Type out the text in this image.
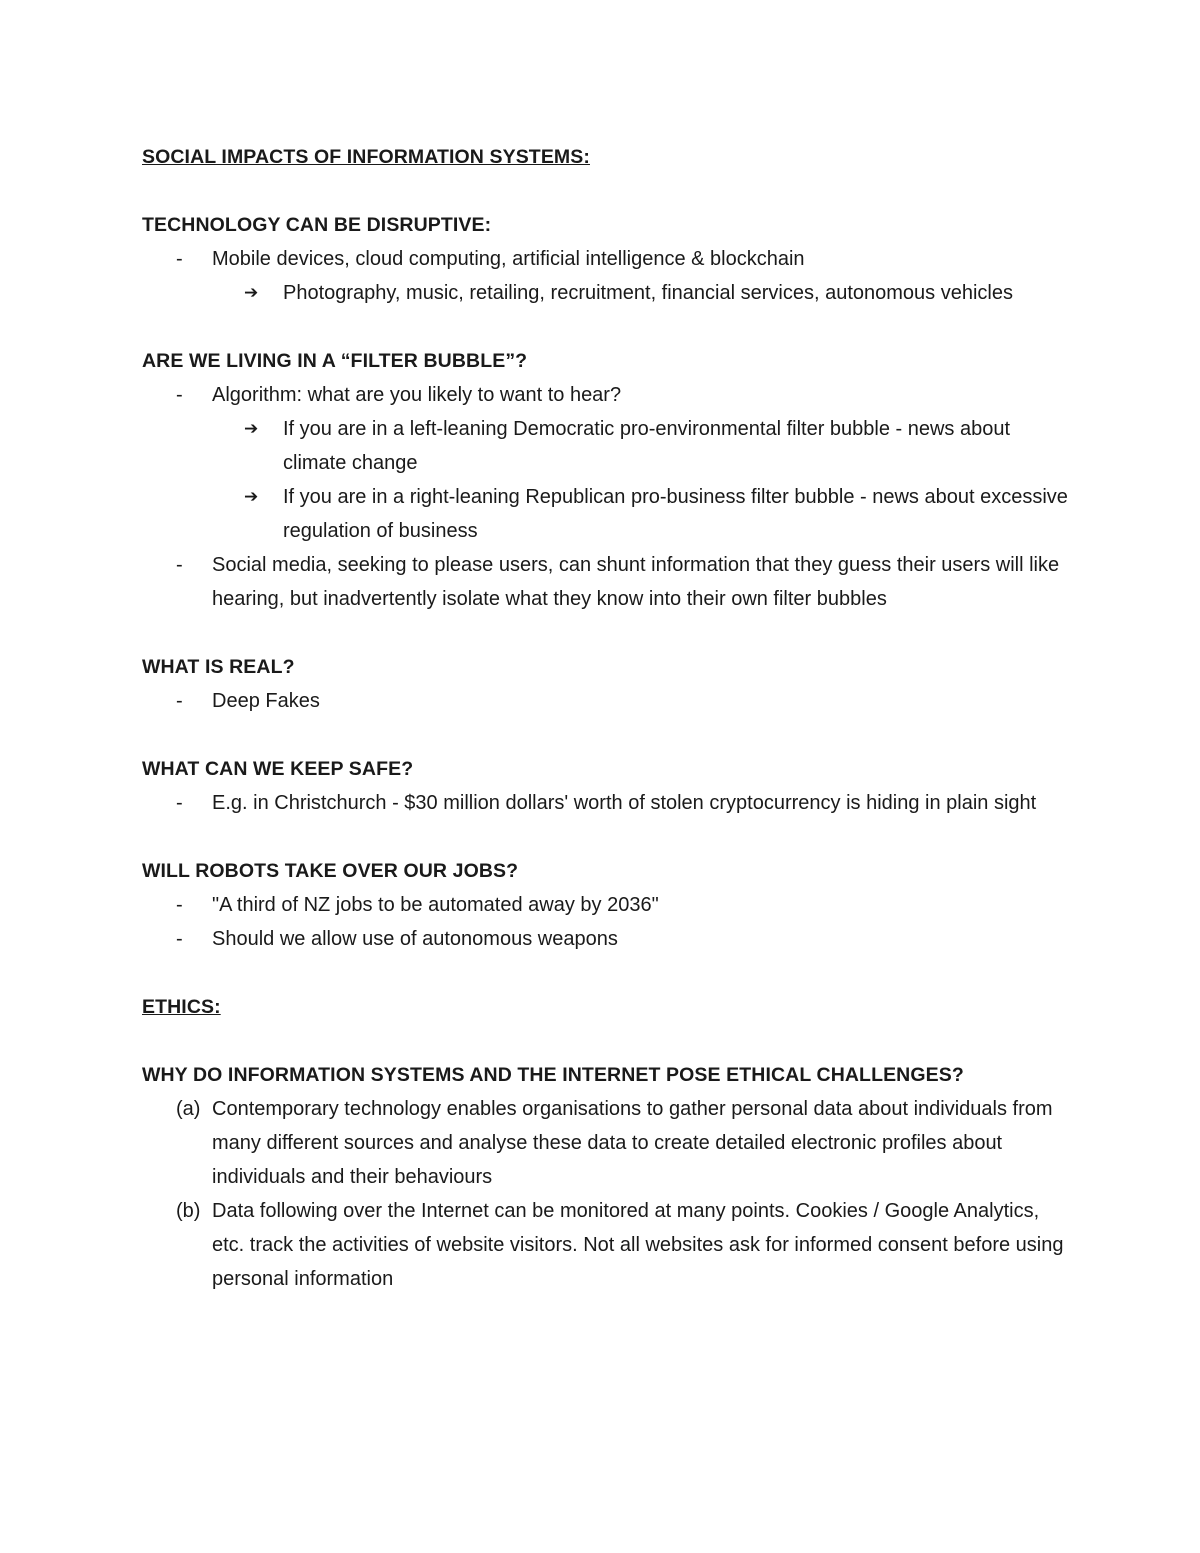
SOCIAL IMPACTS OF INFORMATION SYSTEMS:
TECHNOLOGY CAN BE DISRUPTIVE:
- Mobile devices, cloud computing, artificial intelligence & blockchain
➔ Photography, music, retailing, recruitment, financial services, autonomous vehicles
ARE WE LIVING IN A “FILTER BUBBLE”?
- Algorithm: what are you likely to want to hear?
➔ If you are in a left-leaning Democratic pro-environmental filter bubble - news about climate change
➔ If you are in a right-leaning Republican pro-business filter bubble - news about excessive regulation of business
- Social media, seeking to please users, can shunt information that they guess their users will like hearing, but inadvertently isolate what they know into their own filter bubbles
WHAT IS REAL?
- Deep Fakes
WHAT CAN WE KEEP SAFE?
- E.g. in Christchurch - $30 million dollars' worth of stolen cryptocurrency is hiding in plain sight
WILL ROBOTS TAKE OVER OUR JOBS?
- "A third of NZ jobs to be automated away by 2036"
- Should we allow use of autonomous weapons
ETHICS:
WHY DO INFORMATION SYSTEMS AND THE INTERNET POSE ETHICAL CHALLENGES?
(a) Contemporary technology enables organisations to gather personal data about individuals from many different sources and analyse these data to create detailed electronic profiles about individuals and their behaviours
(b) Data following over the Internet can be monitored at many points. Cookies / Google Analytics, etc. track the activities of website visitors. Not all websites ask for informed consent before using personal information
